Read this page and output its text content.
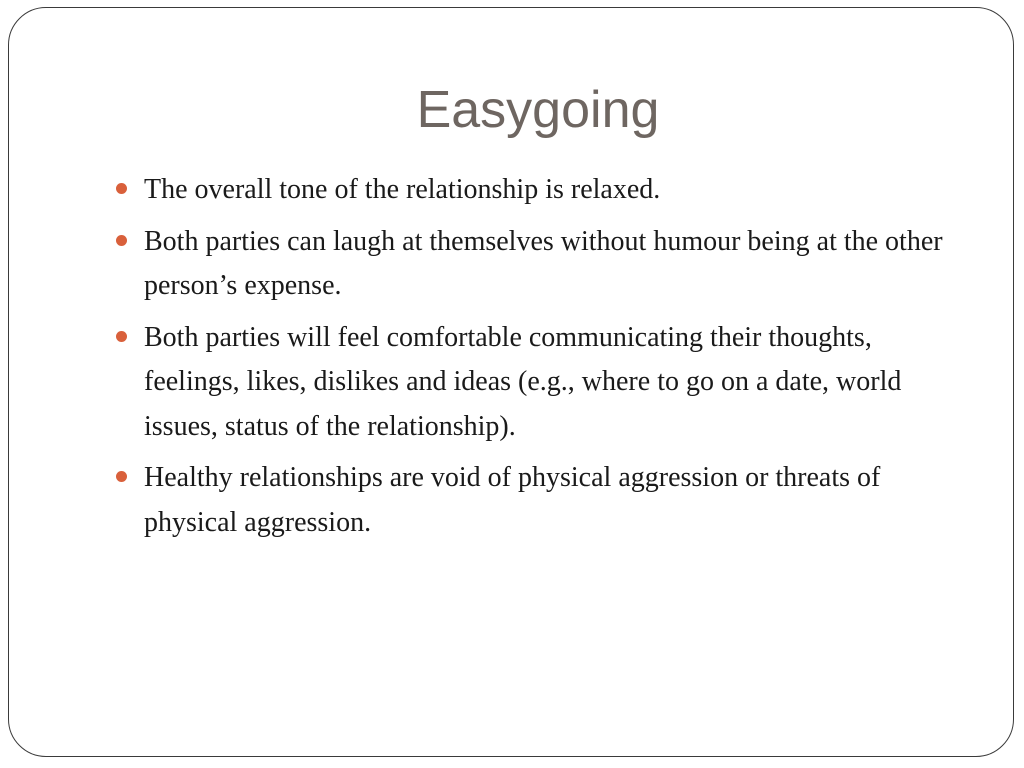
Easygoing
The overall tone of the relationship is relaxed.
Both parties can laugh at themselves without humour being at the other person’s expense.
Both parties will feel comfortable communicating their thoughts, feelings, likes, dislikes and ideas (e.g., where to go on a date, world issues, status of the relationship).
Healthy relationships are void of physical aggression or threats of physical aggression.
